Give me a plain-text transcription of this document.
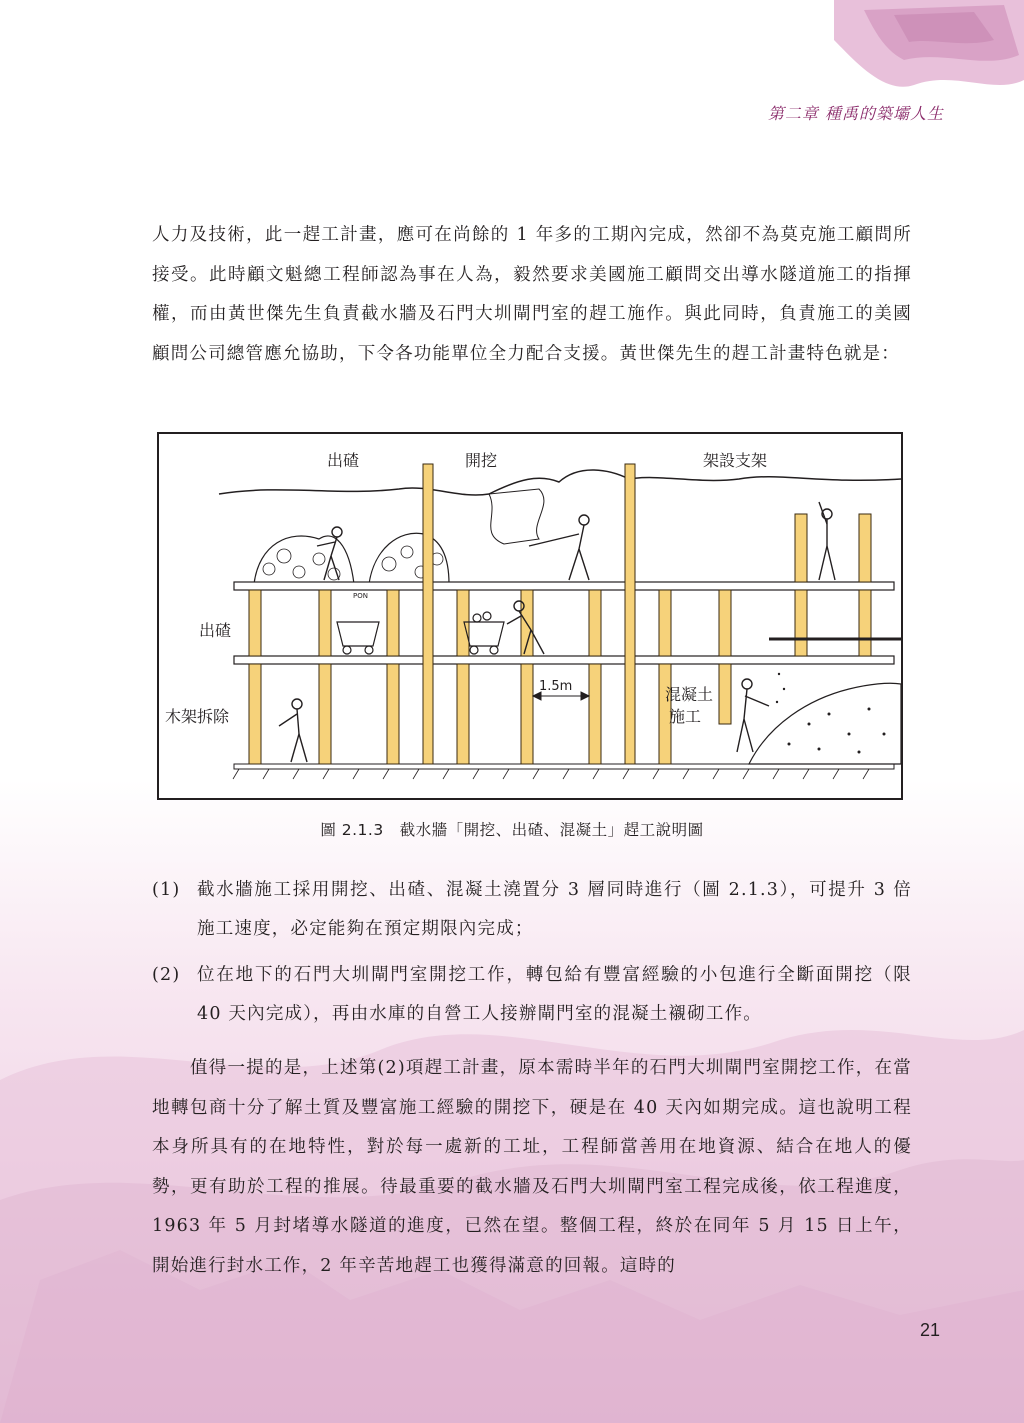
第二章 種禹的築壩人生

人力及技術，此一趕工計畫，應可在尚餘的 1 年多的工期內完成，然卻不為莫克施工顧問所接受。此時顧文魁總工程師認為事在人為，毅然要求美國施工顧問交出導水隧道施工的指揮權，而由黃世傑先生負責截水牆及石門大圳閘門室的趕工施作。與此同時，負責施工的美國顧問公司總管應允協助，下令各功能單位全力配合支援。黃世傑先生的趕工計畫特色就是：

出碴	開挖	架設支架
出碴
木架拆除
1.5m	混凝土
施工
PON
圖 2.1.3　截水牆「開挖、出碴、混凝土」趕工說明圖
(1) 截水牆施工採用開挖、出碴、混凝土澆置分 3 層同時進行（圖 2.1.3），可提升 3 倍施工速度，必定能夠在預定期限內完成；
(2) 位在地下的石門大圳閘門室開挖工作，轉包給有豐富經驗的小包進行全斷面開挖（限 40 天內完成），再由水庫的自營工人接辦閘門室的混凝土襯砌工作。

值得一提的是，上述第(2)項趕工計畫，原本需時半年的石門大圳閘門室開挖工作，在當地轉包商十分了解土質及豐富施工經驗的開挖下，硬是在 40 天內如期完成。這也說明工程本身所具有的在地特性，對於每一處新的工址，工程師當善用在地資源、結合在地人的優勢，更有助於工程的推展。待最重要的截水牆及石門大圳閘門室工程完成後，依工程進度，1963 年 5 月封堵導水隧道的進度，已然在望。整個工程，終於在同年 5 月 15 日上午，開始進行封水工作，2 年辛苦地趕工也獲得滿意的回報。這時的

21
